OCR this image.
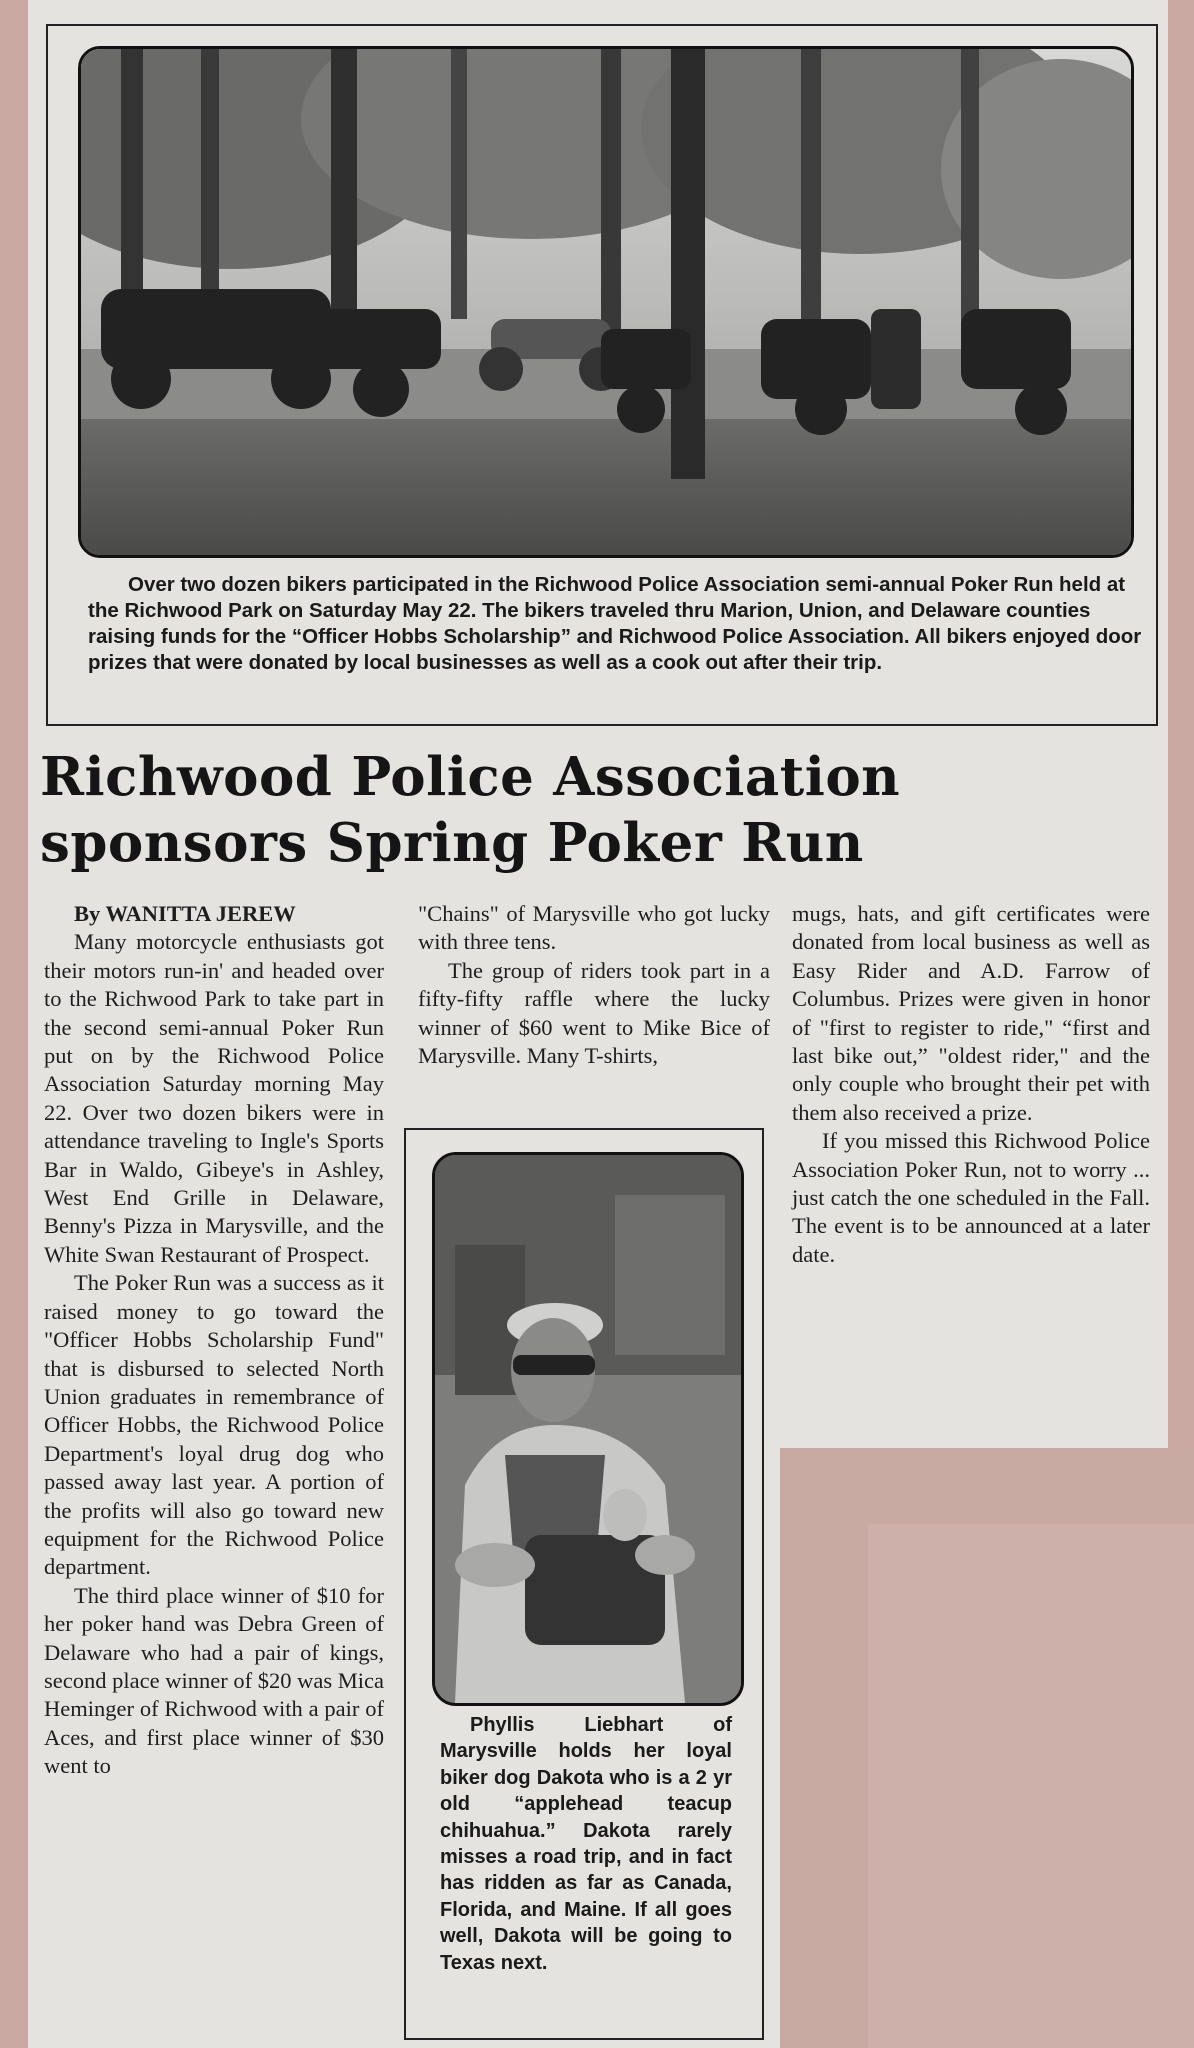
Over two dozen bikers participated in the Richwood Police Association semi-annual Poker Run held at the Richwood Park on Saturday May 22. The bikers traveled thru Marion, Union, and Delaware counties raising funds for the “Officer Hobbs Scholarship” and Richwood Police Association. All bikers enjoyed door prizes that were donated by local businesses as well as a cook out after their trip.
Richwood Police Association
sponsors Spring Poker Run
By WANITTA JEREW

Many motorcycle enthusiasts got their motors run-in' and headed over to the Richwood Park to take part in the second semi-annual Poker Run put on by the Richwood Police Association Saturday morning May 22. Over two dozen bikers were in attendance traveling to Ingle's Sports Bar in Waldo, Gibeye's in Ashley, West End Grille in Delaware, Benny's Pizza in Marysville, and the White Swan Restaurant of Prospect.

The Poker Run was a success as it raised money to go toward the "Officer Hobbs Scholarship Fund" that is disbursed to selected North Union graduates in remembrance of Officer Hobbs, the Richwood Police Department's loyal drug dog who passed away last year. A portion of the profits will also go toward new equipment for the Richwood Police department.

The third place winner of $10 for her poker hand was Debra Green of Delaware who had a pair of kings, second place winner of $20 was Mica Heminger of Richwood with a pair of Aces, and first place winner of $30 went to

"Chains" of Marysville who got lucky with three tens.

The group of riders took part in a fifty-fifty raffle where the lucky winner of $60 went to Mike Bice of Marysville. Many T-shirts,

Phyllis Liebhart of Marysville holds her loyal biker dog Dakota who is a 2 yr old “applehead teacup chihuahua.” Dakota rarely misses a road trip, and in fact has ridden as far as Canada, Florida, and Maine. If all goes well, Dakota will be going to Texas next.

mugs, hats, and gift certificates were donated from local business as well as Easy Rider and A.D. Farrow of Columbus. Prizes were given in honor of "first to register to ride," “first and last bike out,” "oldest rider," and the only couple who brought their pet with them also received a prize.

If you missed this Richwood Police Association Poker Run, not to worry ... just catch the one scheduled in the Fall. The event is to be announced at a later date.
